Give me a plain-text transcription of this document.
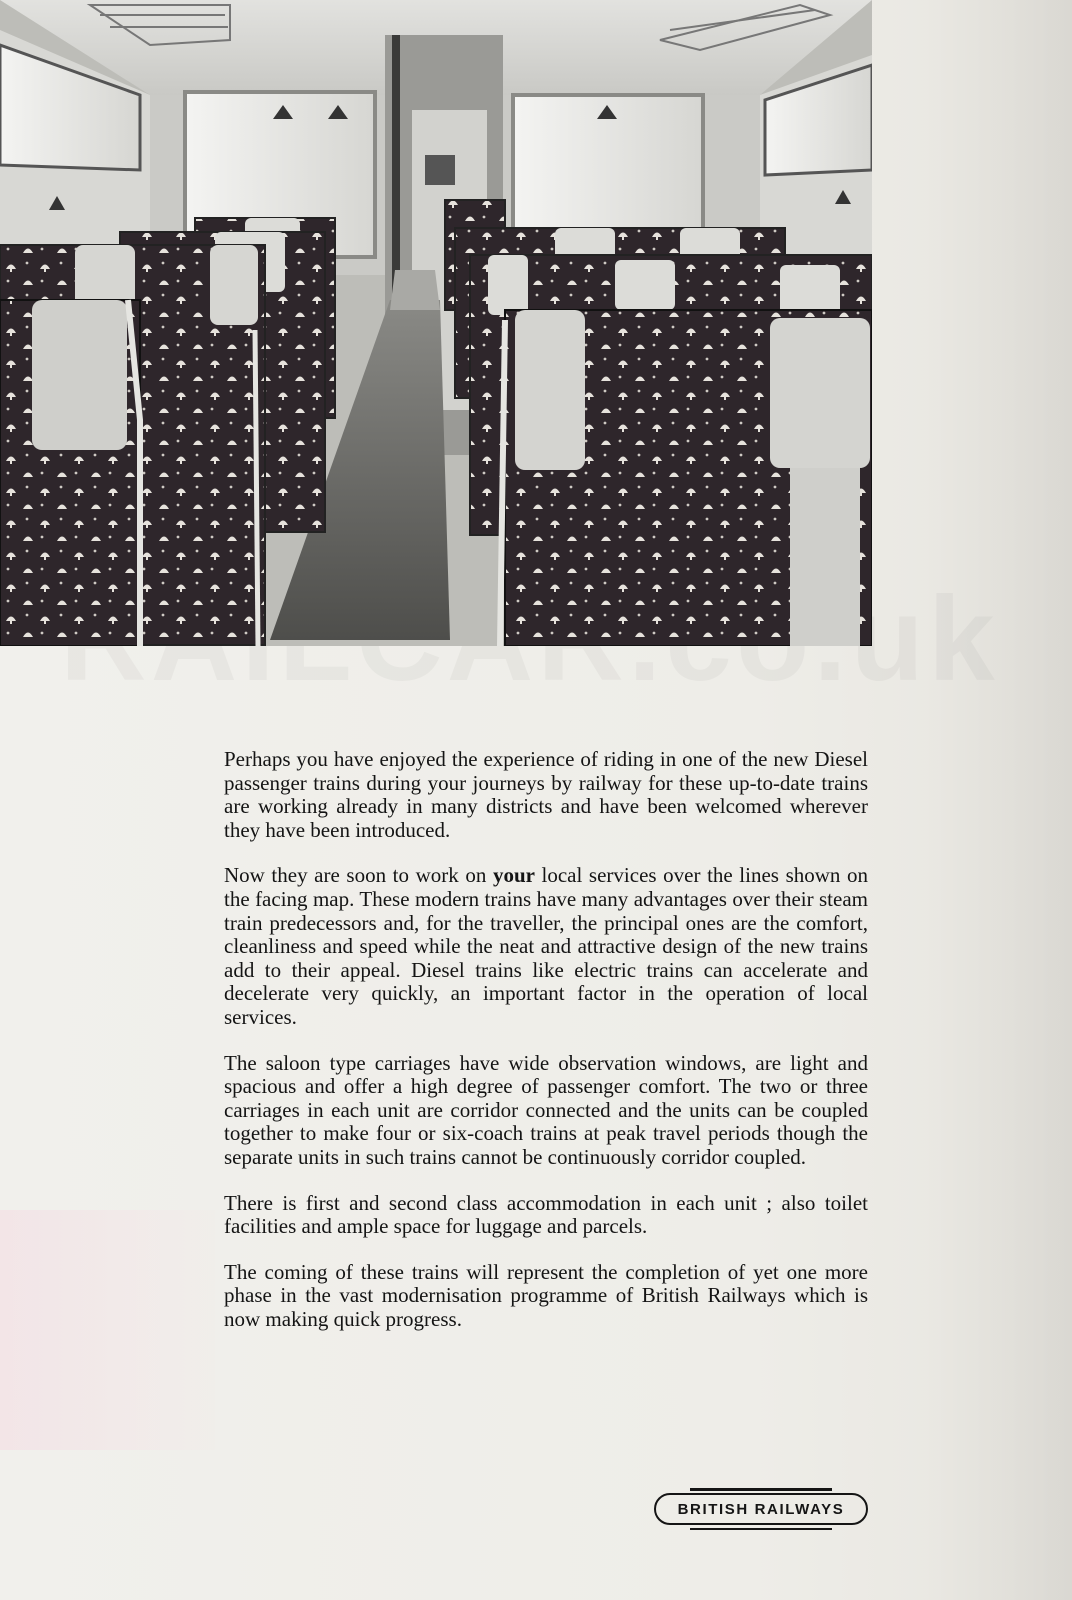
Perhaps you have enjoyed the experience of riding in one of the new Diesel passenger trains during your journeys by railway for these up-to-date trains are working already in many districts and have been welcomed wherever they have been introduced.

Now they are soon to work on your local services over the lines shown on the facing map. These modern trains have many advantages over their steam train predecessors and, for the traveller, the principal ones are the comfort, cleanliness and speed while the neat and attractive design of the new trains add to their appeal. Diesel trains like electric trains can accelerate and decelerate very quickly, an important factor in the operation of local services.

The saloon type carriages have wide observation windows, are light and spacious and offer a high degree of passenger comfort. The two or three carriages in each unit are corridor connected and the units can be coupled together to make four or six-coach trains at peak travel periods though the separate units in such trains cannot be continuously corridor coupled.

There is first and second class accommodation in each unit ; also toilet facilities and ample space for luggage and parcels.

The coming of these trains will represent the completion of yet one more phase in the vast modernisation programme of British Railways which is now making quick progress.

BRITISH RAILWAYS
